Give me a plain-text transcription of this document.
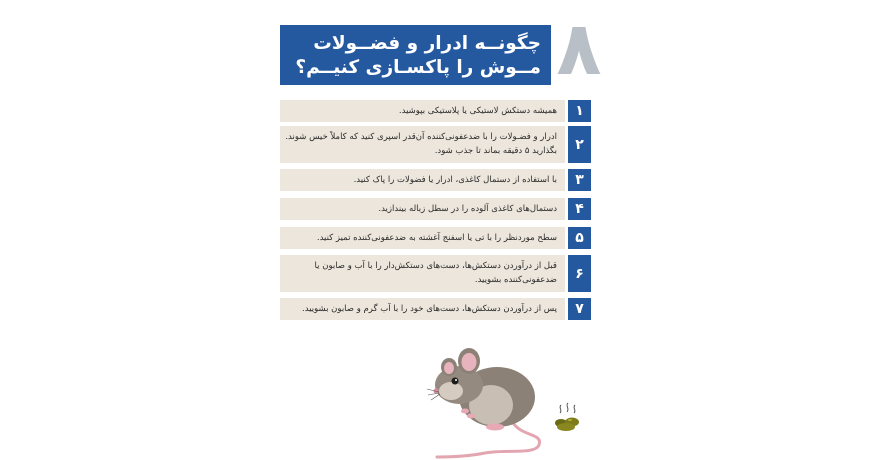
چگونــه ادرار و فضــولات مــوش را پاکسـازی کنیــم؟ ۸
همیشه دستکش لاستیکی یا پلاستیکی بپوشید.	۱
ادرار و فضـولات را با ضدعفونی‌کننده آن‌قدر اسپری کنید که کاملاً خیس شوند. بگذارید ۵ دقیقه بماند تا جذب شود.	۲
با استفاده از دستمال کاغذی، ادرار یا فضولات را پاک کنید.	۳
دستمال‌های کاغذی آلوده را در سطل زباله بیندازید.	۴
سطح موردنظر را با تی یا اسفنج آغشته به ضدعفونی‌کننده تمیز کنید.	۵
قبل از درآوردن دستکش‌ها، دست‌های دستکش‌دار را با آب و صابون یا ضدعفونی‌کننده بشویید.	۶
پس از درآوردن دستکش‌ها، دست‌های خود را با آب گرم و صابون بشویید.	۷
